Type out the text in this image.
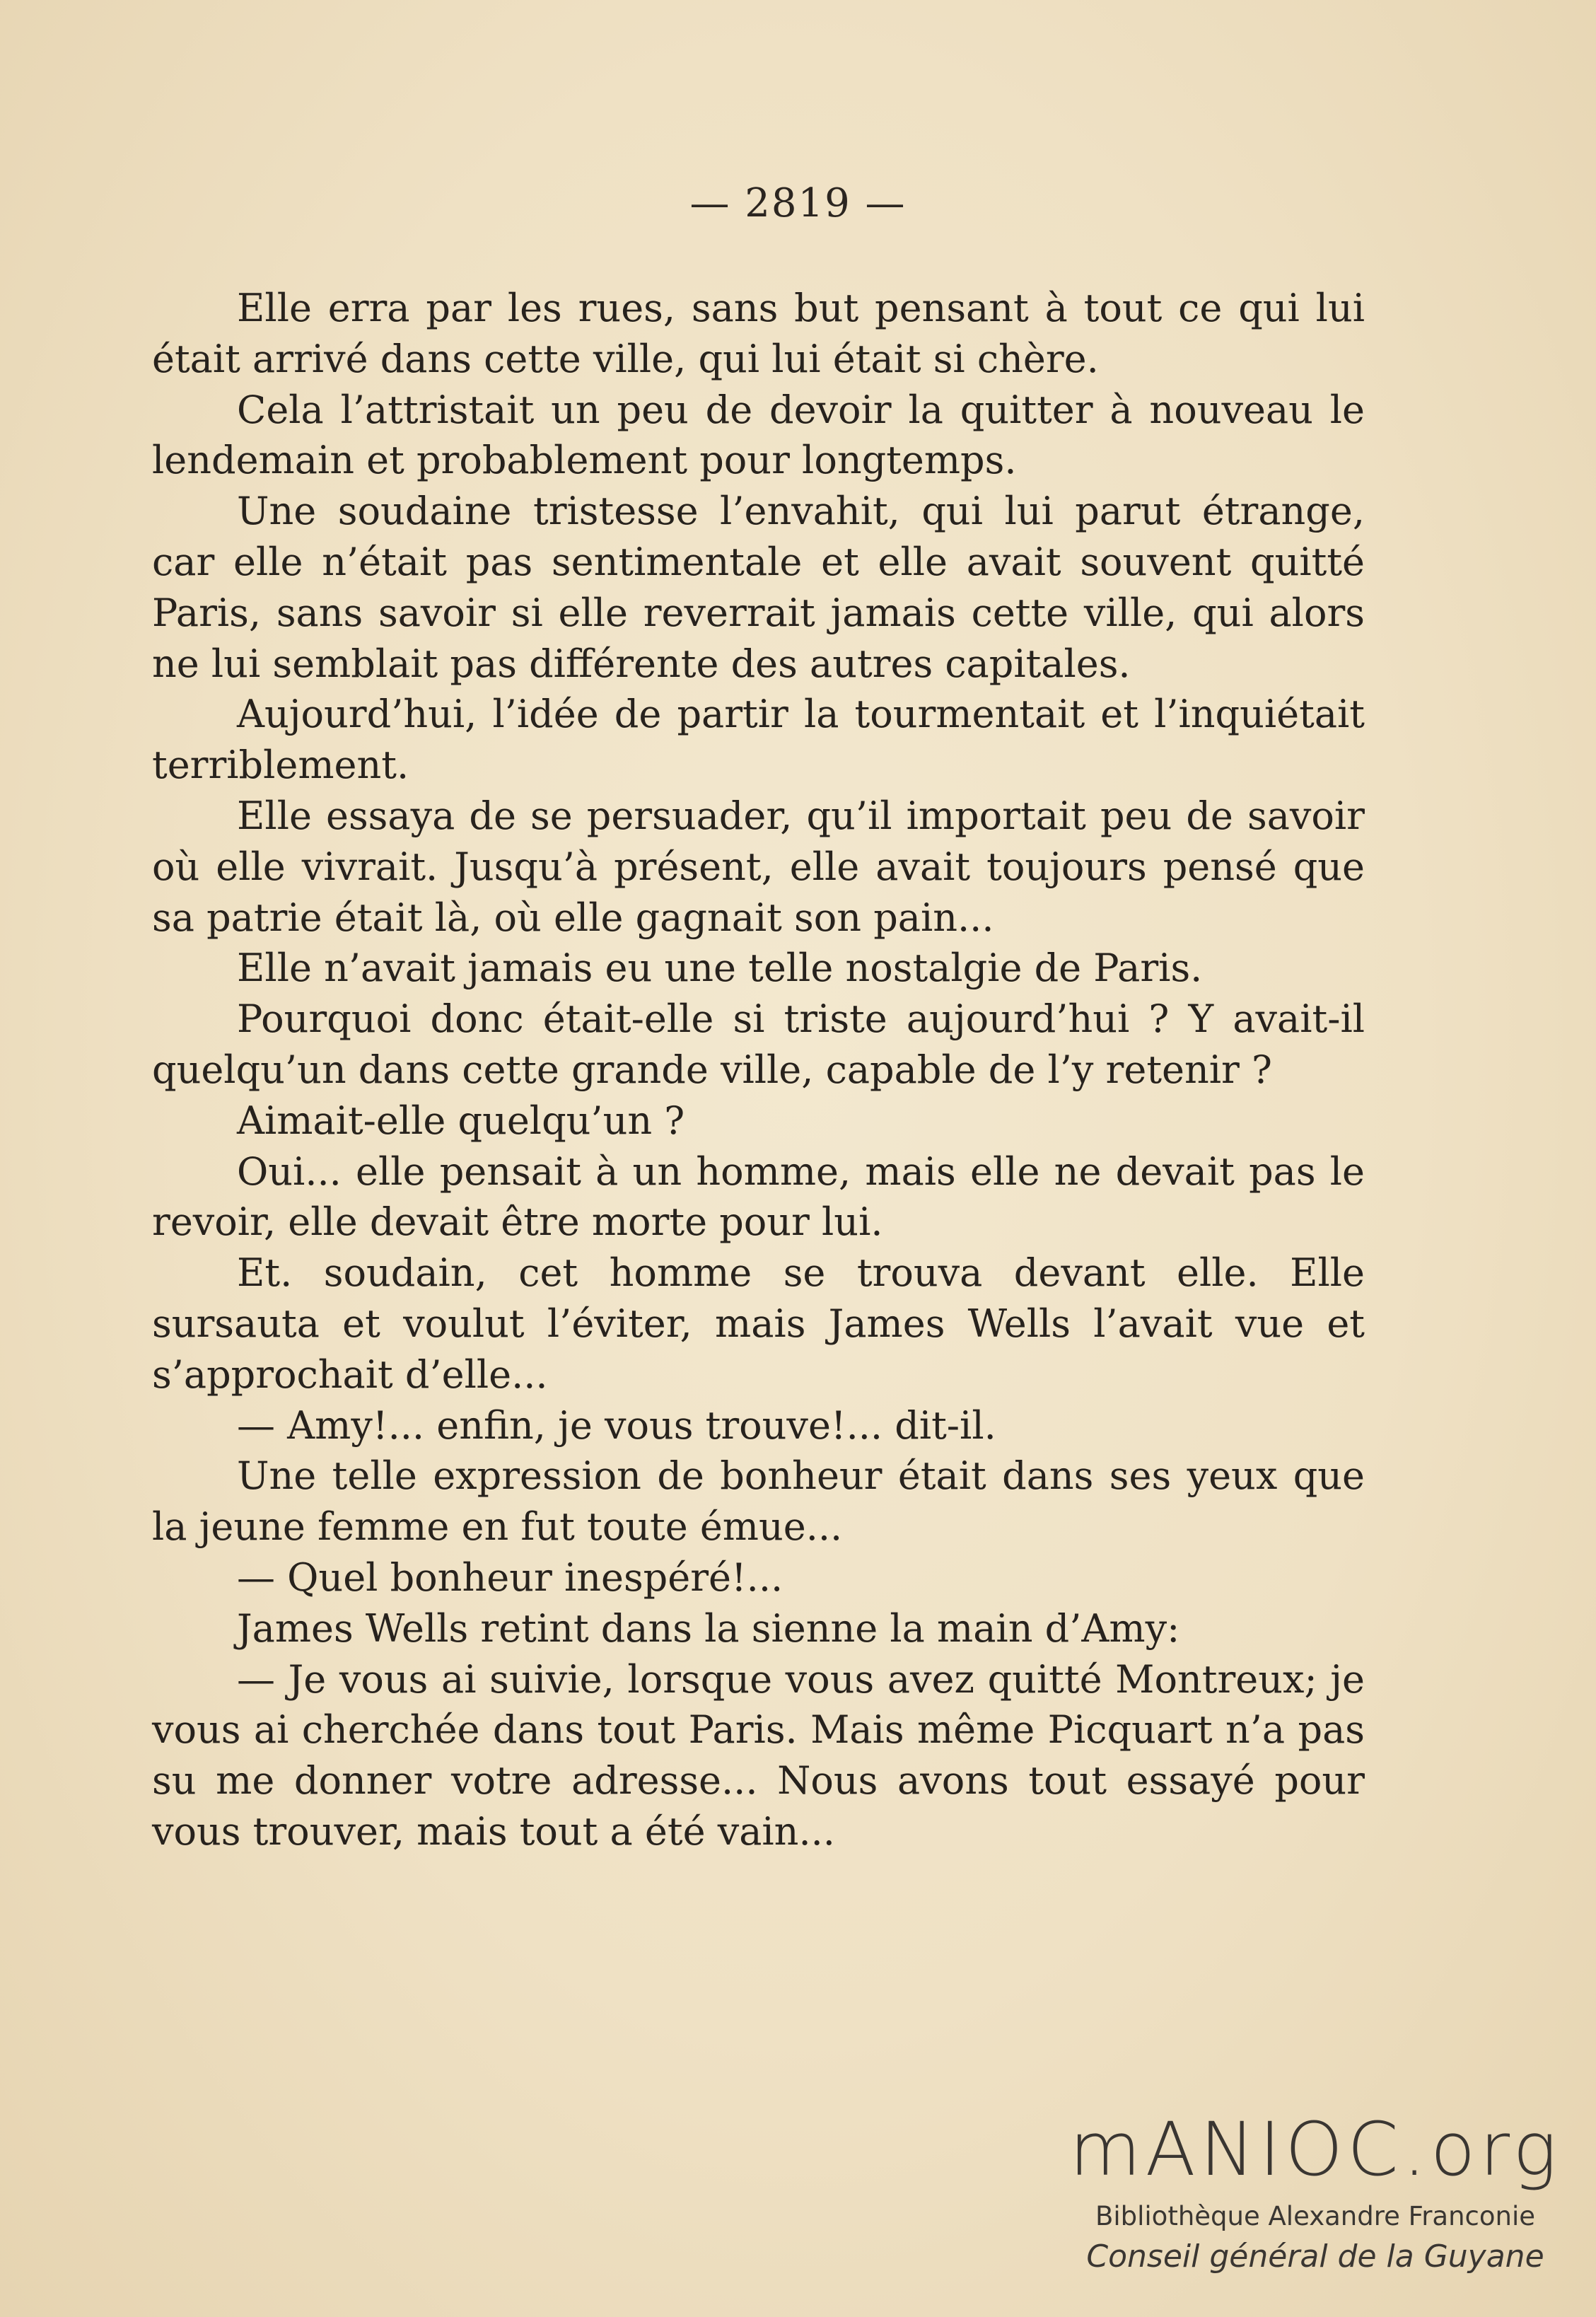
— 2819 —

Elle erra par les rues, sans but pensant à tout ce qui lui était arrivé dans cette ville, qui lui était si chère.

Cela l’attristait un peu de devoir la quitter à nouveau le lendemain et probablement pour longtemps.

Une soudaine tristesse l’envahit, qui lui parut étrange, car elle n’était pas sentimentale et elle avait souvent quitté Paris, sans savoir si elle reverrait jamais cette ville, qui alors ne lui semblait pas différente des autres capitales.

Aujourd’hui, l’idée de partir la tourmentait et l’inquiétait terriblement.

Elle essaya de se persuader, qu’il importait peu de savoir où elle vivrait. Jusqu’à présent, elle avait toujours pensé que sa patrie était là, où elle gagnait son pain...

Elle n’avait jamais eu une telle nostalgie de Paris.

Pourquoi donc était-elle si triste aujourd’hui ? Y avait-il quelqu’un dans cette grande ville, capable de l’y retenir ?

Aimait-elle quelqu’un ?

Oui... elle pensait à un homme, mais elle ne devait pas le revoir, elle devait être morte pour lui.

Et. soudain, cet homme se trouva devant elle. Elle sursauta et voulut l’éviter, mais James Wells l’avait vue et s’approchait d’elle...

— Amy!... enfin, je vous trouve!... dit-il.

Une telle expression de bonheur était dans ses yeux que la jeune femme en fut toute émue...

— Quel bonheur inespéré!...

James Wells retint dans la sienne la main d’Amy:

— Je vous ai suivie, lorsque vous avez quitté Montreux; je vous ai cherchée dans tout Paris. Mais même Picquart n’a pas su me donner votre adresse... Nous avons tout essayé pour vous trouver, mais tout a été vain...

mANIOC.org
Bibliothèque Alexandre Franconie
Conseil général de la Guyane
